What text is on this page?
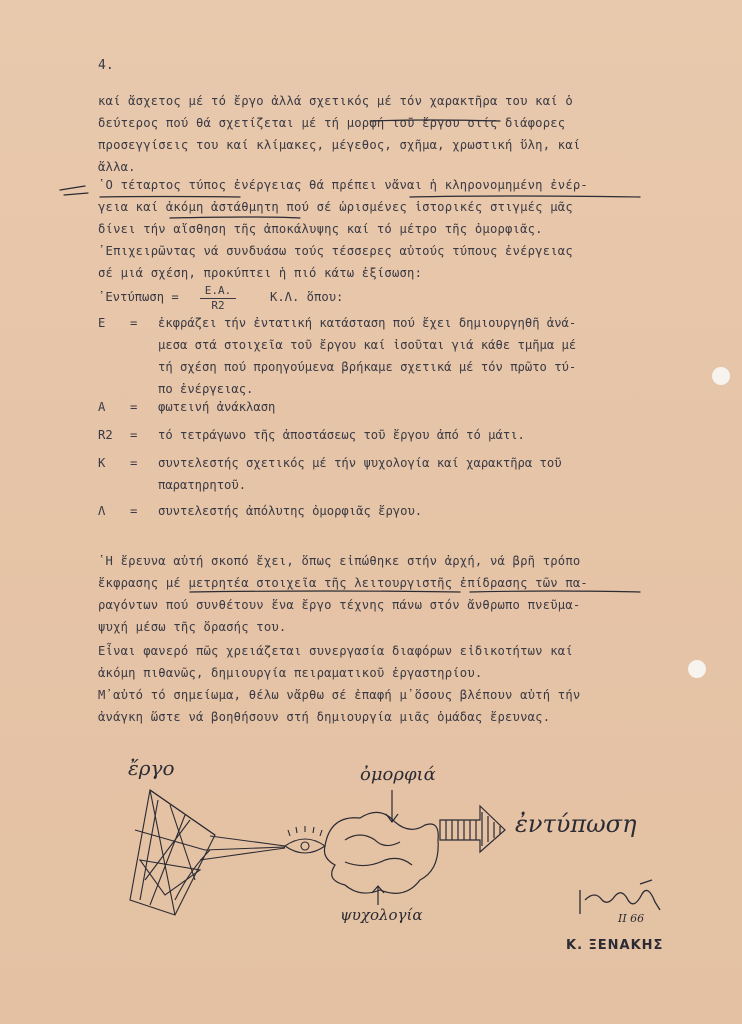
4.
καί ἄσχετος μέ τό ἔργο ἀλλά σχετικός μέ τόν χαρακτῆρα του καί ὁ
δεύτερος πού θά σχετίζεται μέ τή μορφή τοῦ ἔργου στίς διάφορες
προσεγγίσεις του καί κλίμακες, μέγεθος, σχῆμα, χρωστική ὕλη, καί
ἄλλα.
῾Ο τέταρτος τύπος ἐνέργειας θά πρέπει νἄναι ἡ κληρονομημένη ἐνέρ-
γεια καί ἀκόμη ἀστάθμητη πού σέ ὡρισμένες ἱστορικές στιγμές μᾶς
δίνει τήν αἴσθηση τῆς ἀποκάλυψης καί τό μέτρο τῆς ὀμορφιᾶς.
᾿Επιχειρῶντας νά συνδυάσω τούς τέσσερες αὐτούς τύπους ἐνέργειας
σέ μιά σχέση, προκύπτει ἡ πιό κάτω ἐξίσωση:
᾿Εντύπωση = $\frac{E.A.}{R2}$	Κ.Λ. ὅπου:
Ε = ἐκφράζει τήν ἐντατική κατάσταση πού ἔχει δημιουργηθῆ ἀνά-
μεσα στά στοιχεῖα τοῦ ἔργου καί ἰσοῦται γιά κάθε τμῆμα μέ
τή σχέση πού προηγούμενα βρήκαμε σχετικά μέ τόν πρῶτο τύ-
πο ἐνέργειας.
Α = φωτεινή ἀνάκλαση
R2 = τό τετράγωνο τῆς ἀποστάσεως τοῦ ἔργου ἀπό τό μάτι.
Κ = συντελεστής σχετικός μέ τήν ψυχολογία καί χαρακτῆρα τοῦ
παρατηρητοῦ.
Λ = συντελεστής ἀπόλυτης ὀμορφιᾶς ἔργου.
῾Η ἔρευνα αὐτή σκοπό ἔχει, ὅπως εἰπώθηκε στήν ἀρχή, νά βρῆ τρόπο
ἔκφρασης μέ μετρητέα στοιχεῖα τῆς λειτουργιστῆς ἐπίδρασης τῶν πα-
ραγόντων πού συνθέτουν ἕνα ἔργο τέχνης πάνω στόν ἄνθρωπο πνεῦμα-
ψυχή μέσω τῆς ὅρασής του.
Εἶναι φανερό πῶς χρειάζεται συνεργασία διαφόρων εἰδικοτήτων καί
ἀκόμη πιθανῶς, δημιουργία πειραματικοῦ ἐργαστηρίου.
Μ᾿αὐτό τό σημείωμα, θέλω νἄρθω σέ ἐπαφή μ᾿ὅσους βλέπουν αὐτή τήν
ἀνάγκη ὥστε νά βοηθήσουν στή δημιουργία μιᾶς ὁμάδας ἔρευνας.
ἔργο	ὀμορφιά
ἐντύπωση
ψυχολογία	II 66
Κ. ΞΕΝΑΚΗΣ
